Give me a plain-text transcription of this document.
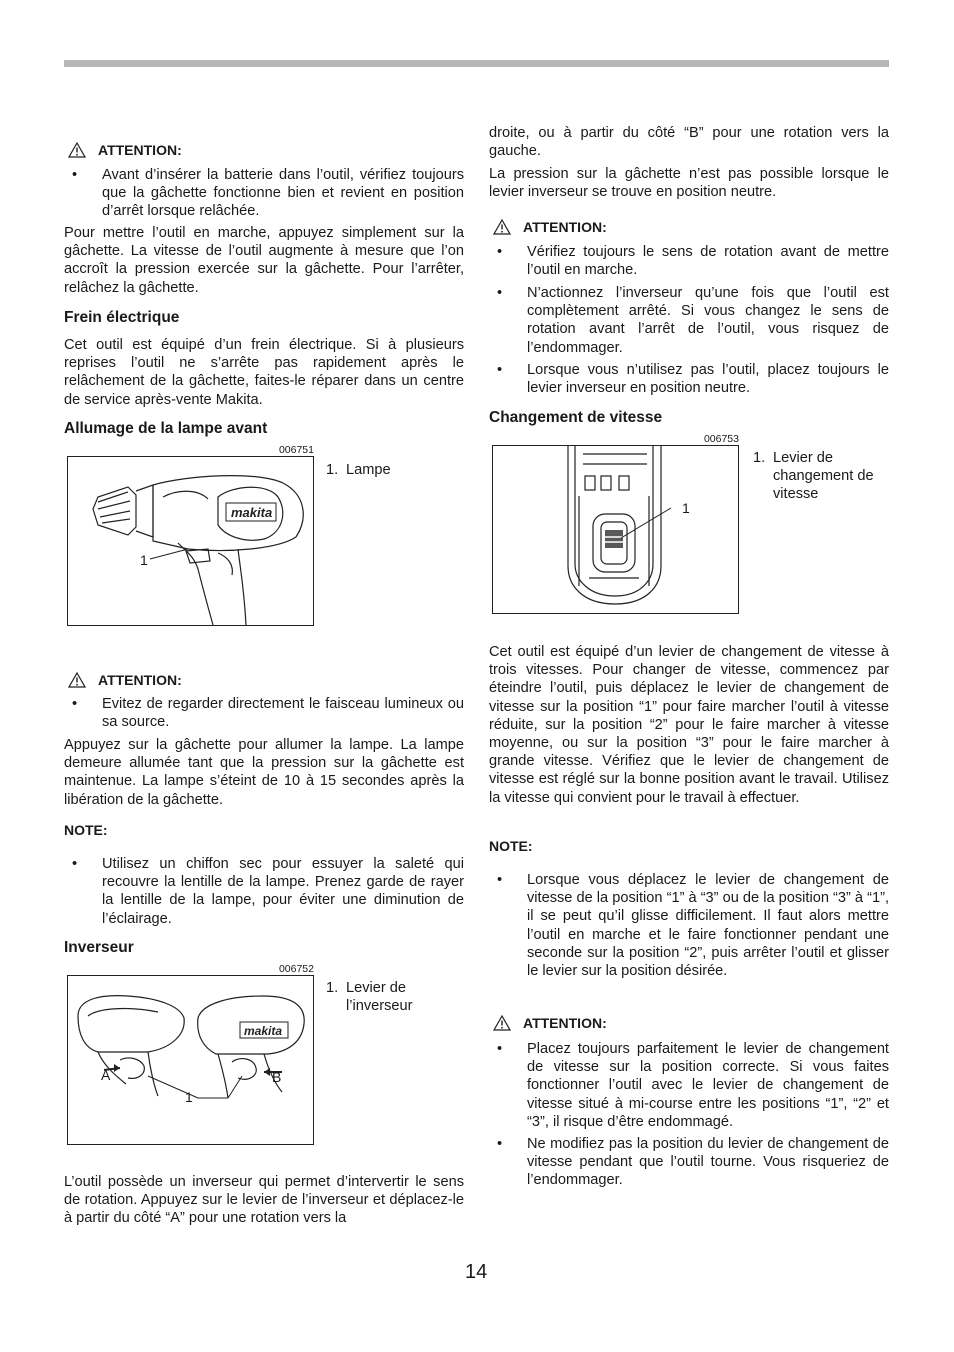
ATTENTION:
•	Avant d’insérer la batterie dans l’outil, vérifiez toujours que la gâchette fonctionne bien et revient en position d’arrêt lorsque relâchée.

Pour mettre l’outil en marche, appuyez simplement sur la gâchette. La vitesse de l’outil augmente à mesure que l’on accroît la pression exercée sur la gâchette. Pour l’arrêter, relâchez la gâchette.

Frein électrique

Cet outil est équipé d’un frein électrique. Si à plusieurs reprises l’outil ne s’arrête pas rapidement après le relâchement de la gâchette, faites-le réparer dans un centre de service après-vente Makita.

Allumage de la lampe avant
006751
makita
1
1. Lampe
ATTENTION:
•	Evitez de regarder directement le faisceau lumineux ou sa source.

Appuyez sur la gâchette pour allumer la lampe. La lampe demeure allumée tant que la pression sur la gâchette est maintenue. La lampe s’éteint de 10 à 15 secondes après la libération de la gâchette.

NOTE:
•	Utilisez un chiffon sec pour essuyer la saleté qui recouvre la lentille de la lampe. Prenez garde de rayer la lentille de la lampe, pour éviter une diminution de l’éclairage.

Inverseur
006752
makita
A	B
1
1. Levier de
l’inverseur

L’outil possède un inverseur qui permet d’intervertir le sens de rotation. Appuyez sur le levier de l’inverseur et déplacez-le à partir du côté “A” pour une rotation vers la

droite, ou à partir du côté “B” pour une rotation vers la gauche.

La pression sur la gâchette n’est pas possible lorsque le levier inverseur se trouve en position neutre.

ATTENTION:
•	Vérifiez toujours le sens de rotation avant de mettre l’outil en marche.

•	N’actionnez l’inverseur qu’une fois que l’outil est complètement arrêté. Si vous changez le sens de rotation avant l’arrêt de l’outil, vous risquez de l’endommager.

•	Lorsque vous n’utilisez pas l’outil, placez toujours le levier inverseur en position neutre.

Changement de vitesse
006753
1
1. Levier de
changement de
vitesse

Cet outil est équipé d’un levier de changement de vitesse à trois vitesses. Pour changer de vitesse, commencez par éteindre l’outil, puis déplacez le levier de changement de vitesse sur la position “1” pour faire marcher l’outil à vitesse réduite, sur la position “2” pour le faire marcher à vitesse moyenne, ou sur la position “3” pour le faire marcher à grande vitesse. Vérifiez que le levier de changement de vitesse est réglé sur la bonne position avant le travail. Utilisez la vitesse qui convient pour le travail à effectuer.

NOTE:
•	Lorsque vous déplacez le levier de changement de vitesse de la position “1” à “3” ou de la position “3” à “1”, il se peut qu’il glisse difficilement. Il faut alors mettre l’outil en marche et le faire fonctionner pendant une seconde sur la position “2”, puis arrêter l’outil et glisser le levier sur la position désirée.

ATTENTION:
•	Placez toujours parfaitement le levier de changement de vitesse sur la position correcte. Si vous faites fonctionner l’outil avec le levier de changement de vitesse situé à mi-course entre les positions “1”, “2” et “3”, il risque d’être endommagé.

•	Ne modifiez pas la position du levier de changement de vitesse pendant que l’outil tourne. Vous risqueriez de l’endommager.

14
